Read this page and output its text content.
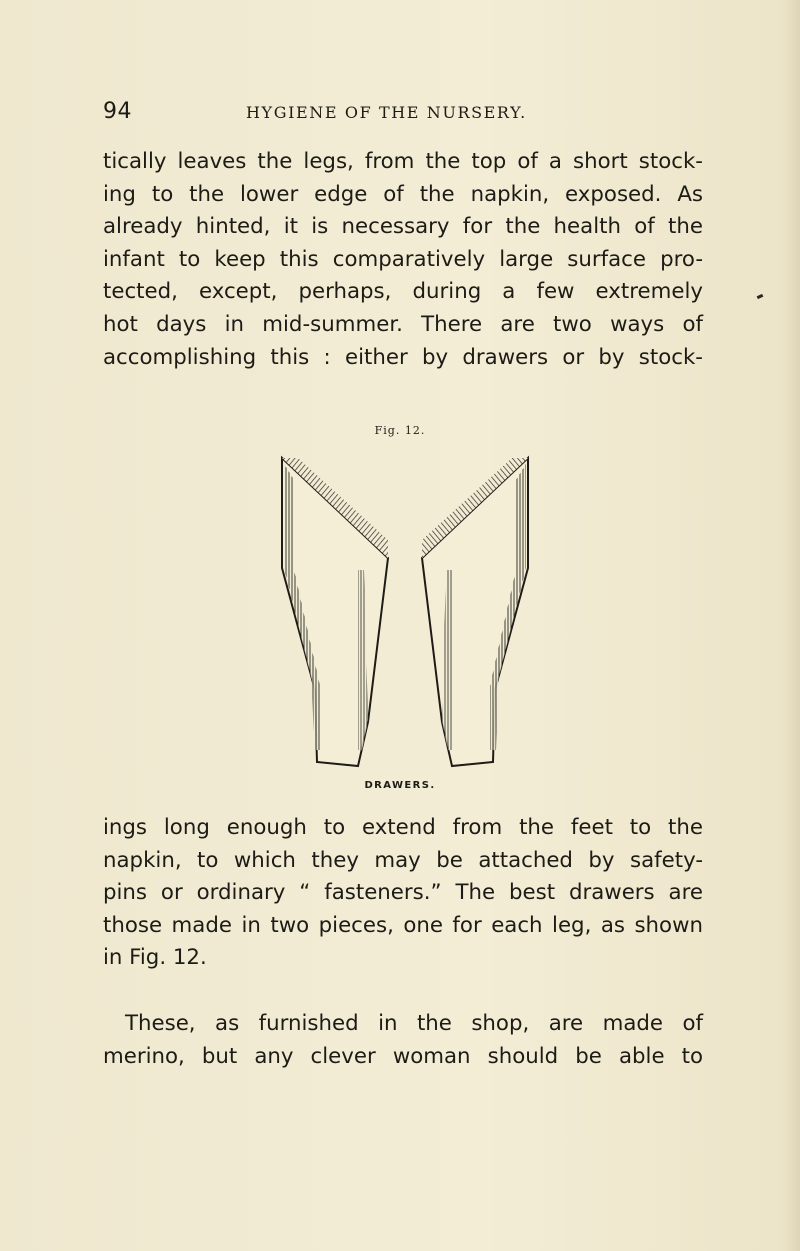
94	HYGIENE OF THE NURSERY.
tically leaves the legs, from the top of a short stock-
ing to the lower edge of the napkin, exposed. As
already hinted, it is necessary for the health of the
infant to keep this comparatively large surface pro-
tected, except, perhaps, during a few extremely
hot days in mid-summer. There are two ways of
accomplishing this : either by drawers or by stock-
Fig. 12.
DRAWERS.
ings long enough to extend from the feet to the
napkin, to which they may be attached by safety-
pins or ordinary “ fasteners.” The best drawers are
those made in two pieces, one for each leg, as shown
in Fig. 12.
These, as furnished in the shop, are made of
merino, but any clever woman should be able to
